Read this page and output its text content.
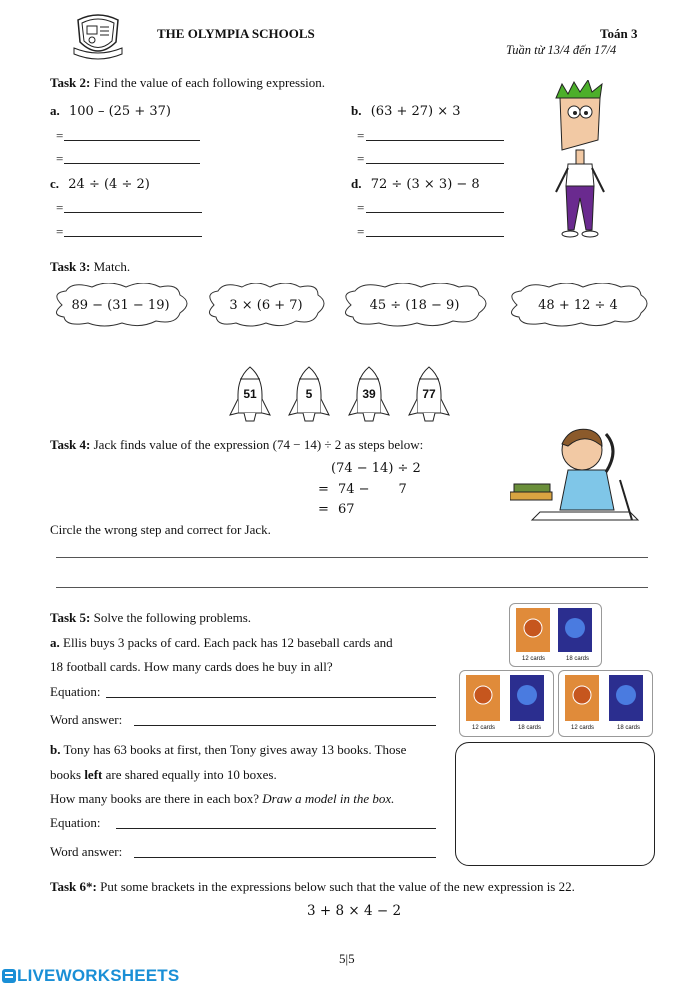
THE OLYMPIA SCHOOLS	Toán 3
Tuần từ 13/4 đến 17/4
Task 2: Find the value of each following expression.
a. 100 – (25 + 37)	b. (63 + 27) × 3
=
=
=
=
c. 24 ÷ (4 ÷ 2)	d. 72 ÷ (3 × 3) − 8
=
=
=
=
Task 3: Match.
89 − (31 − 19)	3 × (6 + 7)	45 ÷ (18 − 9)	48 + 12 ÷ 4
51	5	39	77
Task 4: Jack finds value of the expression (74 − 14) ÷ 2 as steps below:
(74 − 14) ÷ 2
= 74 −       7
= 67
Circle the wrong step and correct for Jack.
Task 5: Solve the following problems.
a. Ellis buys 3 packs of card. Each pack has 12 baseball cards and
18 football cards. How many cards does he buy in all?
Equation:
Word answer:
b. Tony has 63 books at first, then Tony gives away 13 books. Those
books left are shared equally into 10 boxes.
How many books are there in each box? Draw a model in the box.
Equation:
Word answer:
12 cards	18 cards
12 cards	18 cards	12 cards	18 cards
Task 6*: Put some brackets in the expressions below such that the value of the new expression is 22.
3 + 8 × 4 − 2
5|5
LIVEWORKSHEETS
